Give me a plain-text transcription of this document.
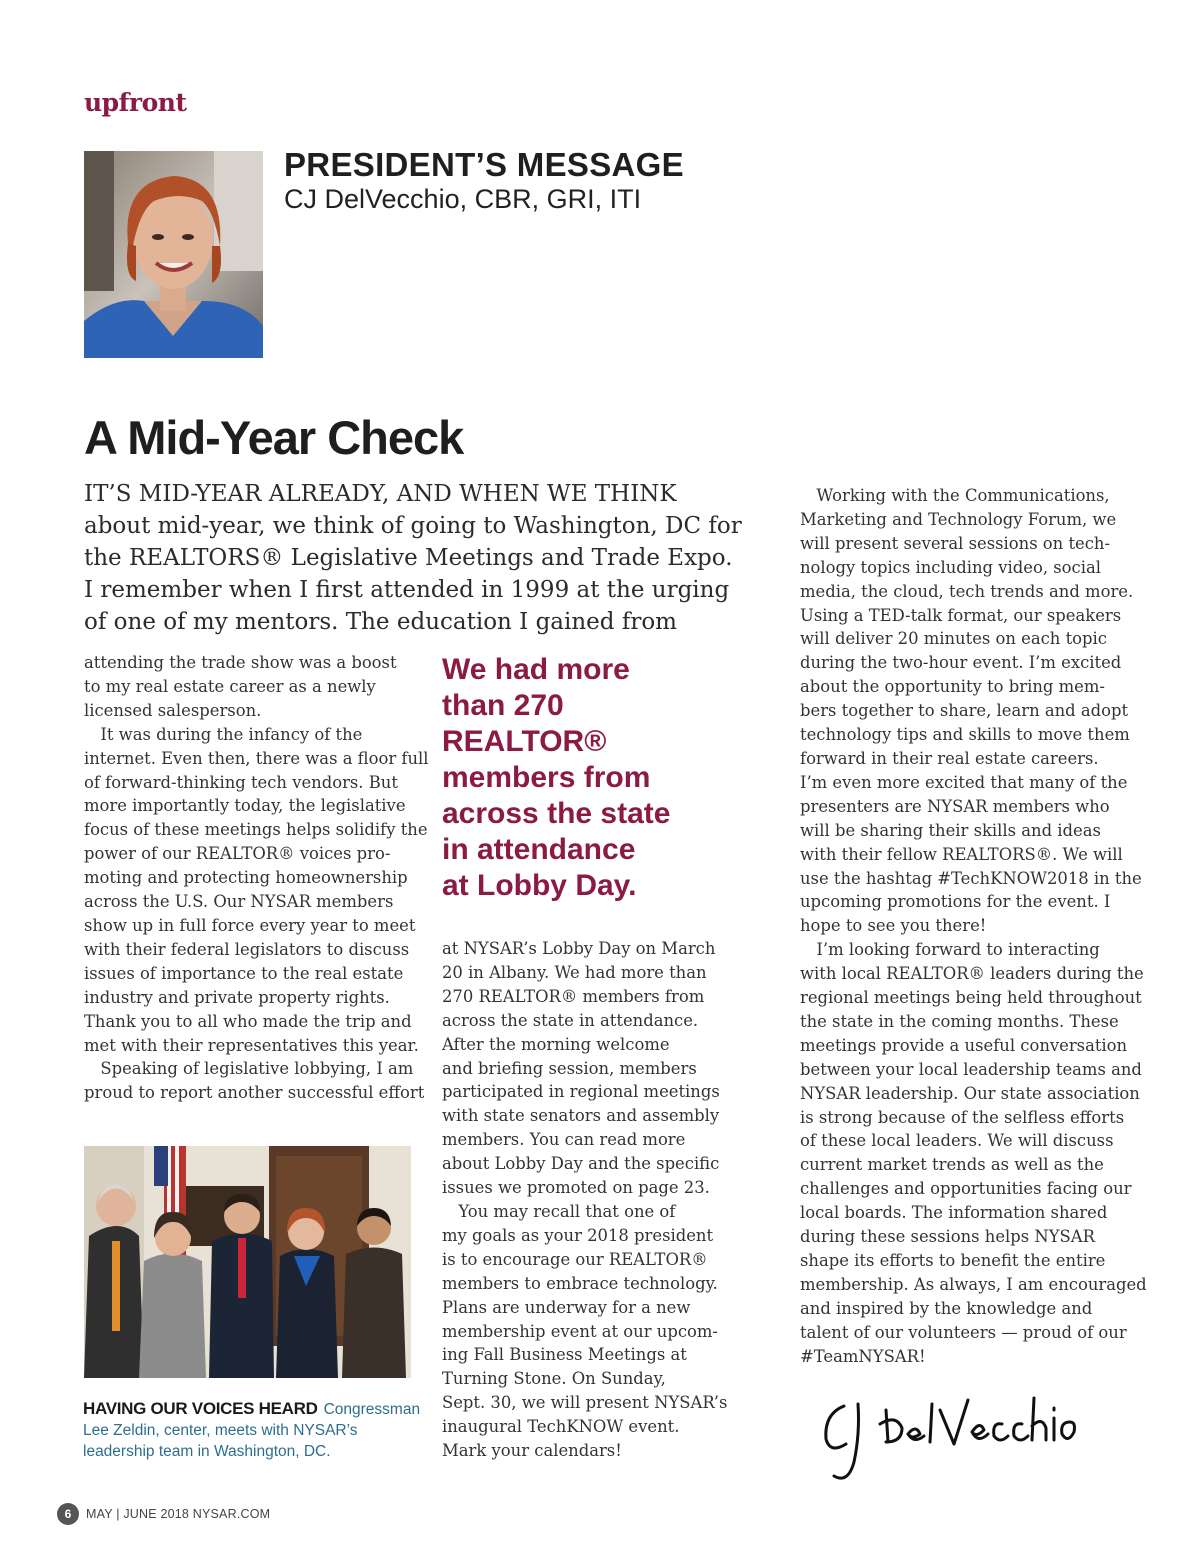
upfront
PRESIDENT’S MESSAGE
CJ DelVecchio, CBR, GRI, ITI
A Mid-Year Check
IT’S MID-YEAR ALREADY, AND WHEN WE THINK
about mid-year, we think of going to Washington, DC for
the REALTORS® Legislative Meetings and Trade Expo.
I remember when I first attended in 1999 at the urging
of one of my mentors. The education I gained from
attending the trade show was a boost
to my real estate career as a newly
licensed salesperson.
 It was during the infancy of the
internet. Even then, there was a floor full
of forward-thinking tech vendors. But
more importantly today, the legislative
focus of these meetings helps solidify the
power of our REALTOR® voices pro-
moting and protecting homeownership
across the U.S. Our NYSAR members
show up in full force every year to meet
with their federal legislators to discuss
issues of importance to the real estate
industry and private property rights.
Thank you to all who made the trip and
met with their representatives this year.
 Speaking of legislative lobbying, I am
proud to report another successful effort
We had more
than 270
REALTOR®
members from
across the state
in attendance
at Lobby Day.
at NYSAR’s Lobby Day on March
20 in Albany. We had more than
270 REALTOR® members from
across the state in attendance.
After the morning welcome
and briefing session, members
participated in regional meetings
with state senators and assembly
members. You can read more
about Lobby Day and the specific
issues we promoted on page 23.
 You may recall that one of
my goals as your 2018 president
is to encourage our REALTOR®
members to embrace technology.
Plans are underway for a new
membership event at our upcom-
ing Fall Business Meetings at
Turning Stone. On Sunday,
Sept. 30, we will present NYSAR’s
inaugural TechKNOW event.
Mark your calendars!
 Working with the Communications,
Marketing and Technology Forum, we
will present several sessions on tech-
nology topics including video, social
media, the cloud, tech trends and more.
Using a TED-talk format, our speakers
will deliver 20 minutes on each topic
during the two-hour event. I’m excited
about the opportunity to bring mem-
bers together to share, learn and adopt
technology tips and skills to move them
forward in their real estate careers.
I’m even more excited that many of the
presenters are NYSAR members who
will be sharing their skills and ideas
with their fellow REALTORS®. We will
use the hashtag #TechKNOW2018 in the
upcoming promotions for the event. I
hope to see you there!
 I’m looking forward to interacting
with local REALTOR® leaders during the
regional meetings being held throughout
the state in the coming months. These
meetings provide a useful conversation
between your local leadership teams and
NYSAR leadership. Our state association
is strong because of the selfless efforts
of these local leaders. We will discuss
current market trends as well as the
challenges and opportunities facing our
local boards. The information shared
during these sessions helps NYSAR
shape its efforts to benefit the entire
membership. As always, I am encouraged
and inspired by the knowledge and
talent of our volunteers — proud of our
#TeamNYSAR!
HAVING OUR VOICES HEARD Congressman
Lee Zeldin, center, meets with NYSAR’s
leadership team in Washington, DC.
6	MAY | JUNE 2018 NYSAR.COM
